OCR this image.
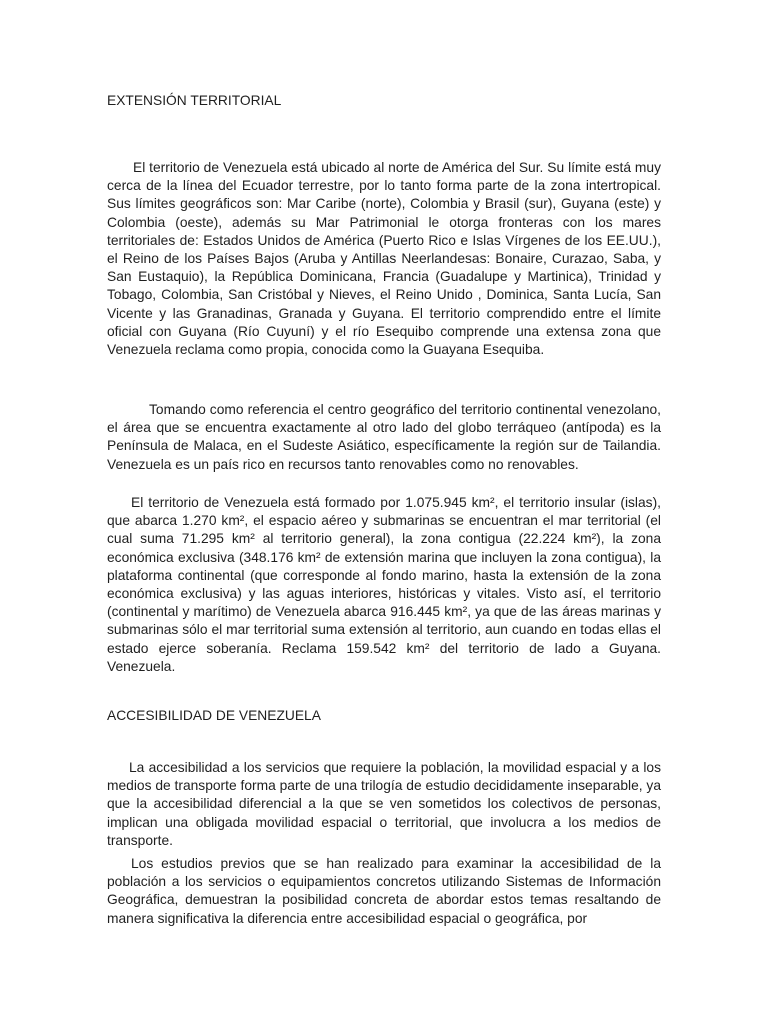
EXTENSIÓN TERRITORIAL

El territorio de Venezuela está ubicado al norte de América del Sur. Su límite está muy cerca de la línea del Ecuador terrestre, por lo tanto forma parte de la zona intertropical. Sus límites geográficos son: Mar Caribe (norte), Colombia y Brasil (sur), Guyana (este) y Colombia (oeste), además su Mar Patrimonial le otorga fronteras con los mares territoriales de: Estados Unidos de América (Puerto Rico e Islas Vírgenes de los EE.UU.), el Reino de los Países Bajos (Aruba y Antillas Neerlandesas: Bonaire, Curazao, Saba, y San Eustaquio), la República Dominicana, Francia (Guadalupe y Martinica), Trinidad y Tobago, Colombia, San Cristóbal y Nieves, el Reino Unido , Dominica, Santa Lucía, San Vicente y las Granadinas, Granada y Guyana. El territorio comprendido entre el límite oficial con Guyana (Río Cuyuní) y el río Esequibo comprende una extensa zona que Venezuela reclama como propia, conocida como la Guayana Esequiba.

Tomando como referencia el centro geográfico del territorio continental venezolano, el área que se encuentra exactamente al otro lado del globo terráqueo (antípoda) es la Península de Malaca, en el Sudeste Asiático, específicamente la región sur de Tailandia. Venezuela es un país rico en recursos tanto renovables como no renovables.

El territorio de Venezuela está formado por 1.075.945 km², el territorio insular (islas), que abarca 1.270 km², el espacio aéreo y submarinas se encuentran el mar territorial (el cual suma 71.295 km² al territorio general), la zona contigua (22.224 km²), la zona económica exclusiva (348.176 km² de extensión marina que incluyen la zona contigua), la plataforma continental (que corresponde al fondo marino, hasta la extensión de la zona económica exclusiva) y las aguas interiores, históricas y vitales. Visto así, el territorio (continental y marítimo) de Venezuela abarca 916.445 km², ya que de las áreas marinas y submarinas sólo el mar territorial suma extensión al territorio, aun cuando en todas ellas el estado ejerce soberanía. Reclama 159.542 km² del territorio de lado a Guyana. Venezuela.

ACCESIBILIDAD DE VENEZUELA

La accesibilidad a los servicios que requiere la población, la movilidad espacial y a los medios de transporte forma parte de una trilogía de estudio decididamente inseparable, ya que la accesibilidad diferencial a la que se ven sometidos los colectivos de personas, implican una obligada movilidad espacial o territorial, que involucra a los medios de transporte.

Los estudios previos que se han realizado para examinar la accesibilidad de la población a los servicios o equipamientos concretos utilizando Sistemas de Información Geográfica, demuestran la posibilidad concreta de abordar estos temas resaltando de manera significativa la diferencia entre accesibilidad espacial o geográfica, por
